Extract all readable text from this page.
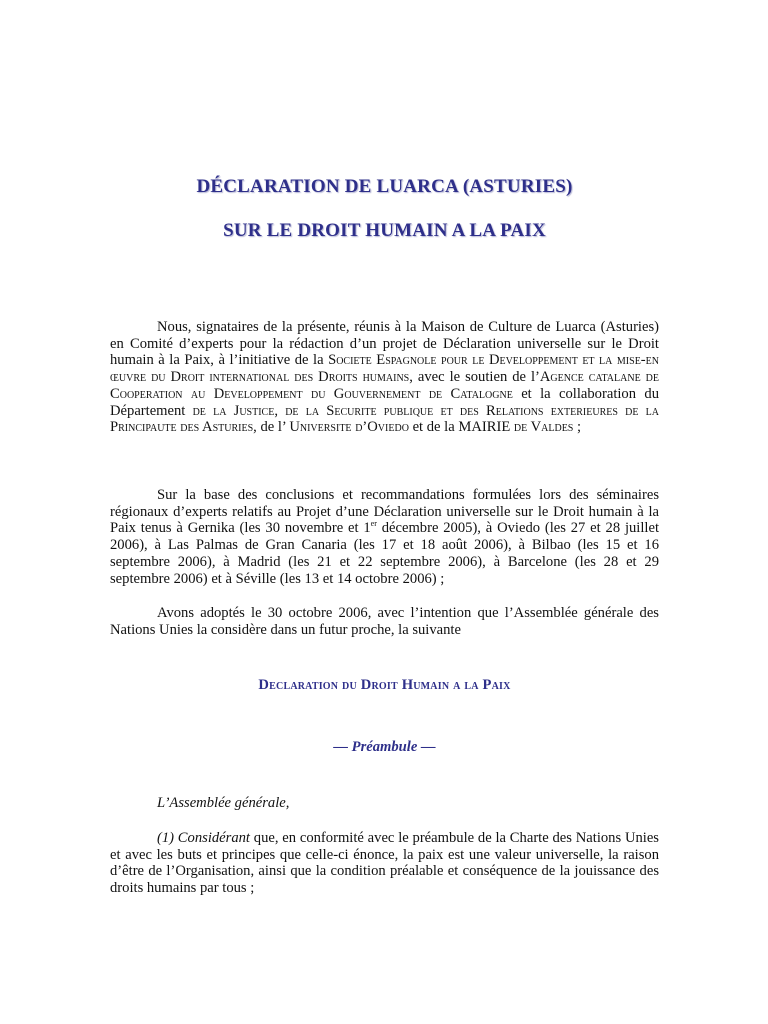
DÉCLARATION DE LUARCA (ASTURIES)
SUR LE DROIT HUMAIN A LA PAIX
Nous, signataires de la présente, réunis à la Maison de Culture de Luarca (Asturies) en Comité d’experts pour la rédaction d’un projet de Déclaration universelle sur le Droit humain à la Paix, à l’initiative de la Societe Espagnole pour le Developpement et la mise-en œuvre du Droit international des Droits humains, avec le soutien de l’Agence catalane de Cooperation au Developpement du Gouvernement de Catalogne et la collaboration du Département de la Justice, de la Securite publique et des Relations exterieures de la Principaute des Asturies, de l’ Universite d’Oviedo et de la MAIRIE de Valdes ;
Sur la base des conclusions et recommandations formulées lors des séminaires régionaux d’experts relatifs au Projet d’une Déclaration universelle sur le Droit humain à la Paix tenus à Gernika (les 30 novembre et 1er décembre 2005), à Oviedo (les 27 et 28 juillet 2006), à Las Palmas de Gran Canaria (les 17 et 18 août 2006), à Bilbao (les 15 et 16 septembre 2006), à Madrid (les 21 et 22 septembre 2006), à Barcelone (les 28 et 29 septembre 2006) et à Séville (les 13 et 14 octobre 2006) ;
Avons adoptés le 30 octobre 2006, avec l’intention que l’Assemblée générale des Nations Unies la considère dans un futur proche, la suivante
Declaration du Droit Humain a la Paix
— Préambule —
L’Assemblée générale,
(1) Considérant que, en conformité avec le préambule de la Charte des Nations Unies et avec les buts et principes que celle-ci énonce, la paix est une valeur universelle, la raison d’être de l’Organisation, ainsi que la condition préalable et conséquence de la jouissance des droits humains par tous ;
